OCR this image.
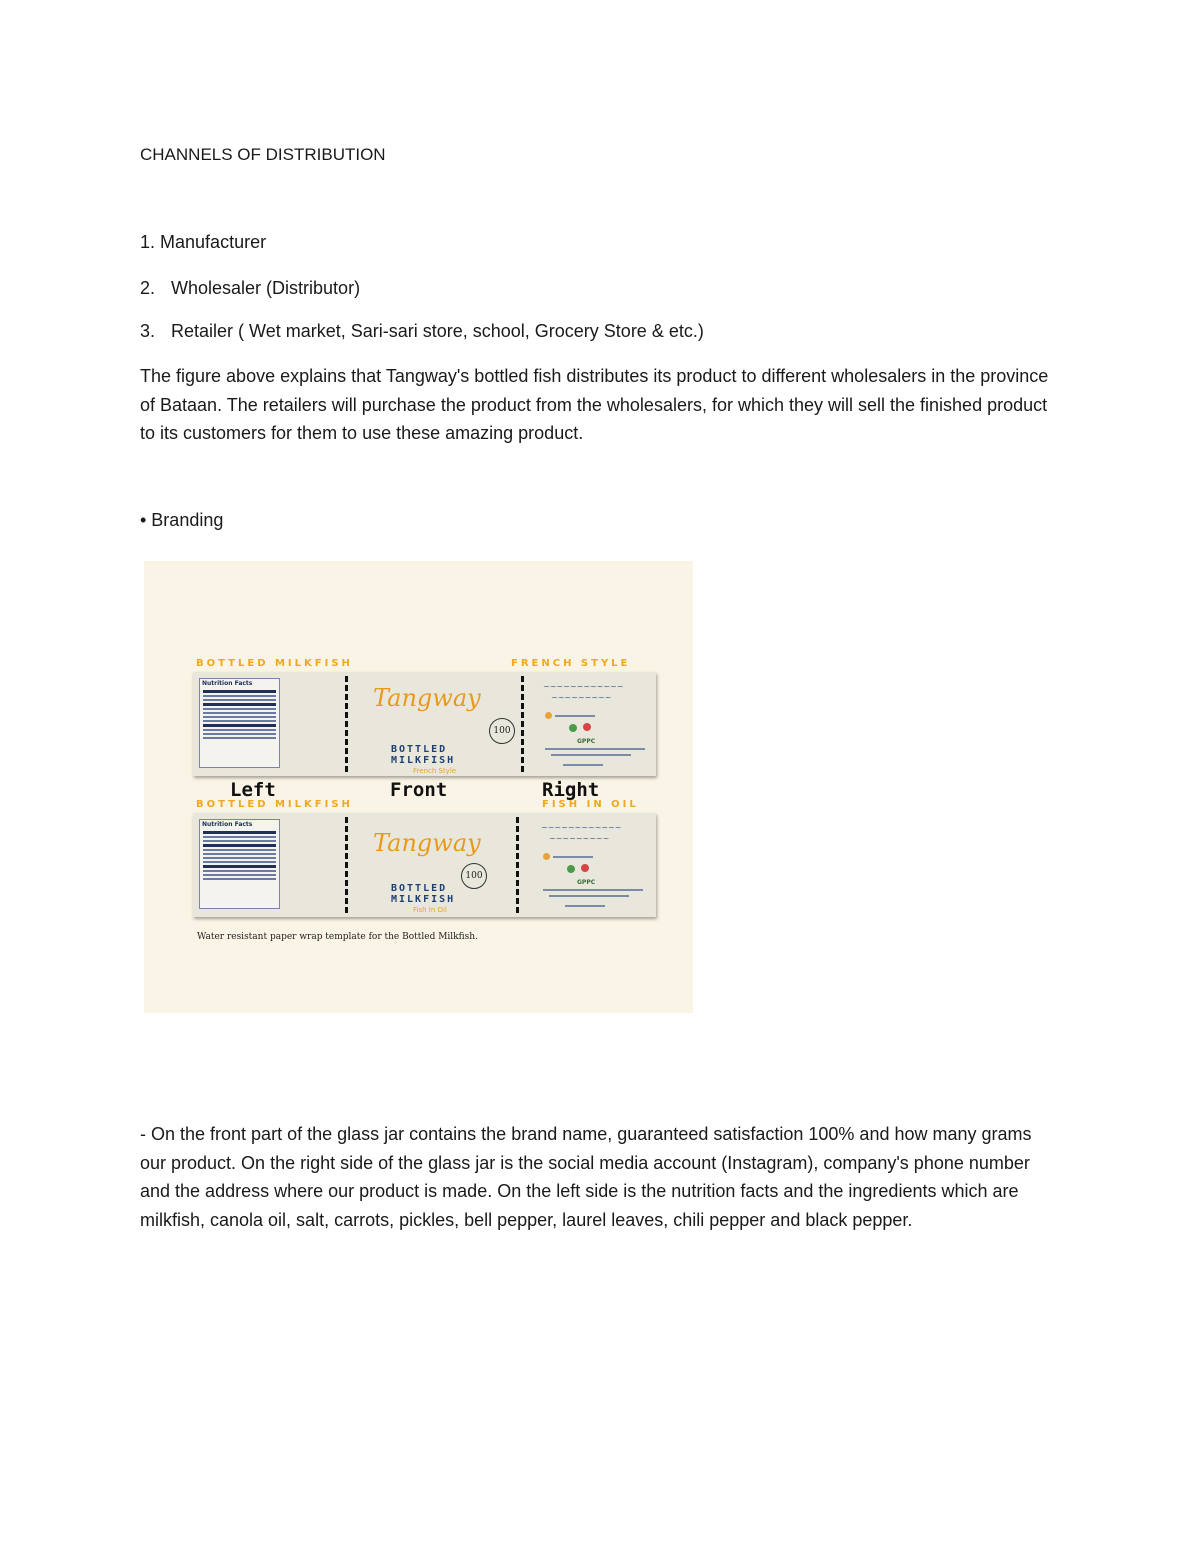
CHANNELS OF DISTRIBUTION
1. Manufacturer
2. Wholesaler (Distributor)
3. Retailer ( Wet market, Sari-sari store, school, Grocery Store & etc.)
The figure above explains that Tangway's bottled fish distributes its product to different wholesalers in the province of Bataan. The retailers will purchase the product from the wholesalers, for which they will sell the finished product to its customers for them to use these amazing product.
• Branding
BOTTLED MILKFISH	FRENCH STYLE
Nutrition Facts
Tangway
100
BOTTLED
MILKFISH
French Style
~~~~~~~~~~~~
~~~~~~~~~
GPPC
Left	Front	Right
BOTTLED MILKFISH	FISH IN OIL
Nutrition Facts
Tangway
100
BOTTLED
MILKFISH
Fish In Oil
~~~~~~~~~~~~
~~~~~~~~~
GPPC
Water resistant paper wrap template for the Bottled Milkfish.
- On the front part of the glass jar contains the brand name, guaranteed satisfaction 100% and how many grams our product. On the right side of the glass jar is the social media account (Instagram), company's phone number and the address where our product is made. On the left side is the nutrition facts and the ingredients which are milkfish, canola oil, salt, carrots, pickles, bell pepper, laurel leaves, chili pepper and black pepper.
